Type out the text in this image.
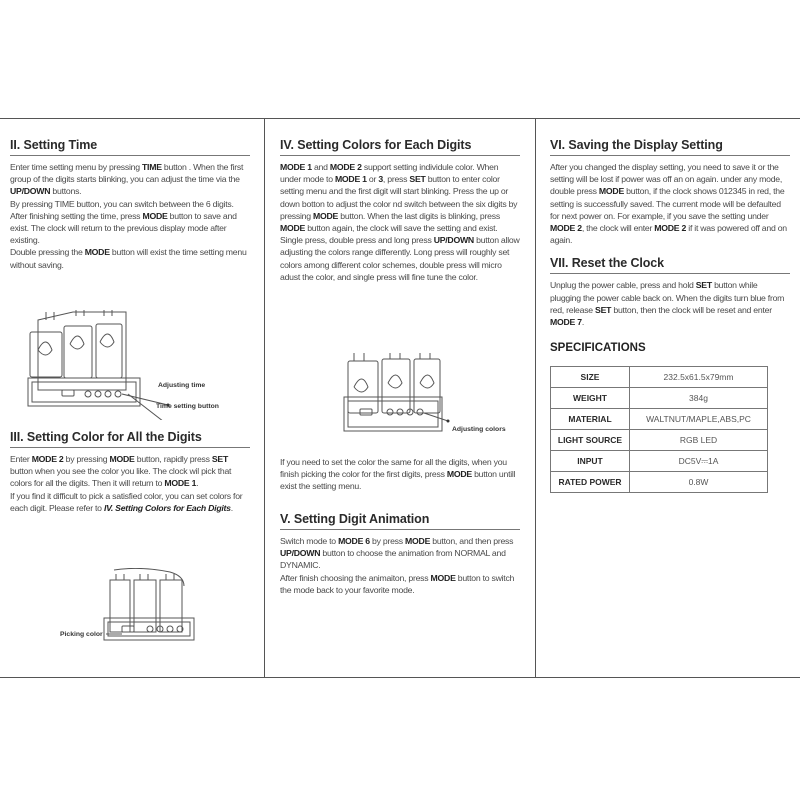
II. Setting Time
Enter time setting menu by pressing TIME button . When the first group of the digits starts blinking, you can adjust the time via the UP/DOWN buttons.
By pressing TIME button, you can switch between the 6 digits. After finishing setting the time, press MODE button to save and exist. The clock will return to the previous display mode after existing.
Double pressing the MODE button will exist the time setting menu without saving.
Adjusting time
Time setting button
III. Setting Color for All the Digits
Enter MODE 2 by pressing MODE button, rapidly press SET button when you see the color you like. The clock wil pick that colors for all the digits. Then it will return to MODE 1.
If you find it difficult to pick a satisfied color, you can set colors for each digit. Please refer to IV. Setting Colors for Each Digits.
Picking color
IV. Setting Colors for Each Digits
MODE 1 and MODE 2 support setting individule color. When under mode to MODE 1 or 3, press SET button to enter color setting menu and the first digit will start blinking. Press the up or down botton to adjust the color nd switch between the six digits by pressing MODE button. When the last digits is blinking, press MODE button again, the clock will save the setting and exist. Single press, double press and long press UP/DOWN button allow adjusting the colors range differently. Long press will roughly set colors among different color schemes, double press will micro adust the color, and single press will fine tune the color.
Adjusting colors
If you need to set the color the same for all the digits, when you finish picking the color for the first digits, press MODE button untill exist the setting menu.
V. Setting Digit Animation
Switch mode to MODE 6 by press MODE button, and then press UP/DOWN button to choose the animation from NORMAL and DYNAMIC.
After finish choosing the animaiton, press MODE button to switch the mode back to your favorite mode.
VI. Saving the Display Setting
After you changed the display setting, you need to save it or the setting will be lost if power was off an on again. under any mode, double press MODE button, if the clock shows 012345 in red, the setting is successfully saved. The current mode will be defaulted for next power on. For example, if you save the setting under MODE 2, the clock will enter MODE 2 if it was powered off and on again.
VII. Reset the Clock
Unplug the power cable, press and hold SET button while plugging the power cable back on. When the digits turn blue from red, release SET button, then the clock will be reset and enter MODE 7.
SPECIFICATIONS
SIZE	232.5x61.5x79mm
WEIGHT	384g
MATERIAL	WALTNUT/MAPLE,ABS,PC
LIGHT SOURCE	RGB LED
INPUT	DC5V⎓1A
RATED POWER	0.8W
